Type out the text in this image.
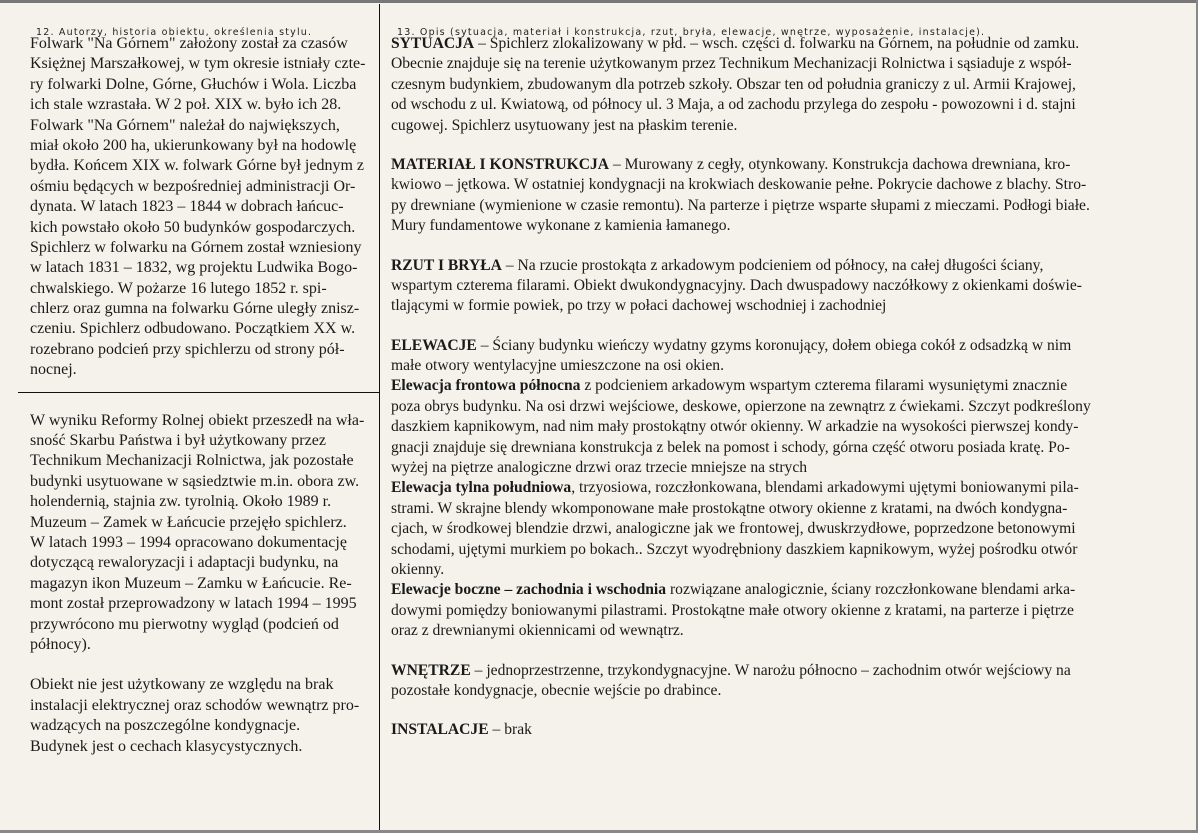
12. Autorzy, historia obiektu, określenia stylu.	13. Opis (sytuacja, materiał i konstrukcja, rzut, bryła, elewacje, wnętrze, wyposażenie, instalacje).
Folwark "Na Górnem" założony został za czasów
Księżnej Marszałkowej, w tym okresie istniały czte-
ry folwarki Dolne, Górne, Głuchów i Wola. Liczba
ich stale wzrastała. W 2 poł. XIX w. było ich 28.
Folwark "Na Górnem" należał do największych,
miał około 200 ha, ukierunkowany był na hodowlę
bydła. Końcem XIX w. folwark Górne był jednym z
ośmiu będących w bezpośredniej administracji Or-
dynata. W latach 1823 – 1844 w dobrach łańcuc-
kich powstało około 50 budynków gospodarczych.
Spichlerz w folwarku na Górnem został wzniesiony
w latach 1831 – 1832, wg projektu Ludwika Bogo-
chwalskiego. W pożarze 16 lutego 1852 r. spi-
chlerz oraz gumna na folwarku Górne uległy znisz-
czeniu. Spichlerz odbudowano. Początkiem XX w.
rozebrano podcień przy spichlerzu od strony pół-
nocnej.
W wyniku Reformy Rolnej obiekt przeszedł na wła-
sność Skarbu Państwa i był użytkowany przez
Technikum Mechanizacji Rolnictwa, jak pozostałe
budynki usytuowane w sąsiedztwie m.in. obora zw.
holendernią, stajnia zw. tyrolnią. Około 1989 r.
Muzeum – Zamek w Łańcucie przejęło spichlerz.
W latach 1993 – 1994 opracowano dokumentację
dotyczącą rewaloryzacji i adaptacji budynku, na
magazyn ikon Muzeum – Zamku w Łańcucie. Re-
mont został przeprowadzony w latach 1994 – 1995
przywrócono mu pierwotny wygląd (podcień od
północy).
Obiekt nie jest użytkowany ze względu na brak
instalacji elektrycznej oraz schodów wewnątrz pro-
wadzących na poszczególne kondygnacje.
Budynek jest o cechach klasycystycznych.
SYTUACJA – Spichlerz zlokalizowany w płd. – wsch. części d. folwarku na Górnem, na południe od zamku.
Obecnie znajduje się na terenie użytkowanym przez Technikum Mechanizacji Rolnictwa i sąsiaduje z współ-
czesnym budynkiem, zbudowanym dla potrzeb szkoły. Obszar ten od południa graniczy z ul. Armii Krajowej,
od wschodu z ul. Kwiatową, od północy ul. 3 Maja, a od zachodu przylega do zespołu - powozowni i d. stajni
cugowej. Spichlerz usytuowany jest na płaskim terenie.
MATERIAŁ I KONSTRUKCJA – Murowany z cegły, otynkowany. Konstrukcja dachowa drewniana, kro-
kwiowo – jętkowa. W ostatniej kondygnacji na krokwiach deskowanie pełne. Pokrycie dachowe z blachy. Stro-
py drewniane (wymienione w czasie remontu). Na parterze i piętrze wsparte słupami z mieczami. Podłogi białe.
Mury fundamentowe wykonane z kamienia łamanego.
RZUT I BRYŁA – Na rzucie prostokąta z arkadowym podcieniem od północy, na całej długości ściany,
wspartym czterema filarami. Obiekt dwukondygnacyjny. Dach dwuspadowy naczółkowy z okienkami doświe-
tlającymi w formie powiek, po trzy w połaci dachowej wschodniej i zachodniej
ELEWACJE – Ściany budynku wieńczy wydatny gzyms koronujący, dołem obiega cokół z odsadzką w nim
małe otwory wentylacyjne umieszczone na osi okien.
Elewacja frontowa północna z podcieniem arkadowym wspartym czterema filarami wysuniętymi znacznie
poza obrys budynku. Na osi drzwi wejściowe, deskowe, opierzone na zewnątrz z ćwiekami. Szczyt podkreślony
daszkiem kapnikowym, nad nim mały prostokątny otwór okienny. W arkadzie na wysokości pierwszej kondy-
gnacji znajduje się drewniana konstrukcja z belek na pomost i schody, górna część otworu posiada kratę. Po-
wyżej na piętrze analogiczne drzwi oraz trzecie mniejsze na strych
Elewacja tylna południowa, trzyosiowa, rozczłonkowana, blendami arkadowymi ujętymi boniowanymi pila-
strami. W skrajne blendy wkomponowane małe prostokątne otwory okienne z kratami, na dwóch kondygna-
cjach, w środkowej blendzie drzwi, analogiczne jak we frontowej, dwuskrzydłowe, poprzedzone betonowymi
schodami, ujętymi murkiem po bokach.. Szczyt wyodrębniony daszkiem kapnikowym, wyżej pośrodku otwór
okienny.
Elewacje boczne – zachodnia i wschodnia rozwiązane analogicznie, ściany rozczłonkowane blendami arka-
dowymi pomiędzy boniowanymi pilastrami. Prostokątne małe otwory okienne z kratami, na parterze i piętrze
oraz z drewnianymi okiennicami od wewnątrz.
WNĘTRZE – jednoprzestrzenne, trzykondygnacyjne. W narożu północno – zachodnim otwór wejściowy na
pozostałe kondygnacje, obecnie wejście po drabince.
INSTALACJE – brak
